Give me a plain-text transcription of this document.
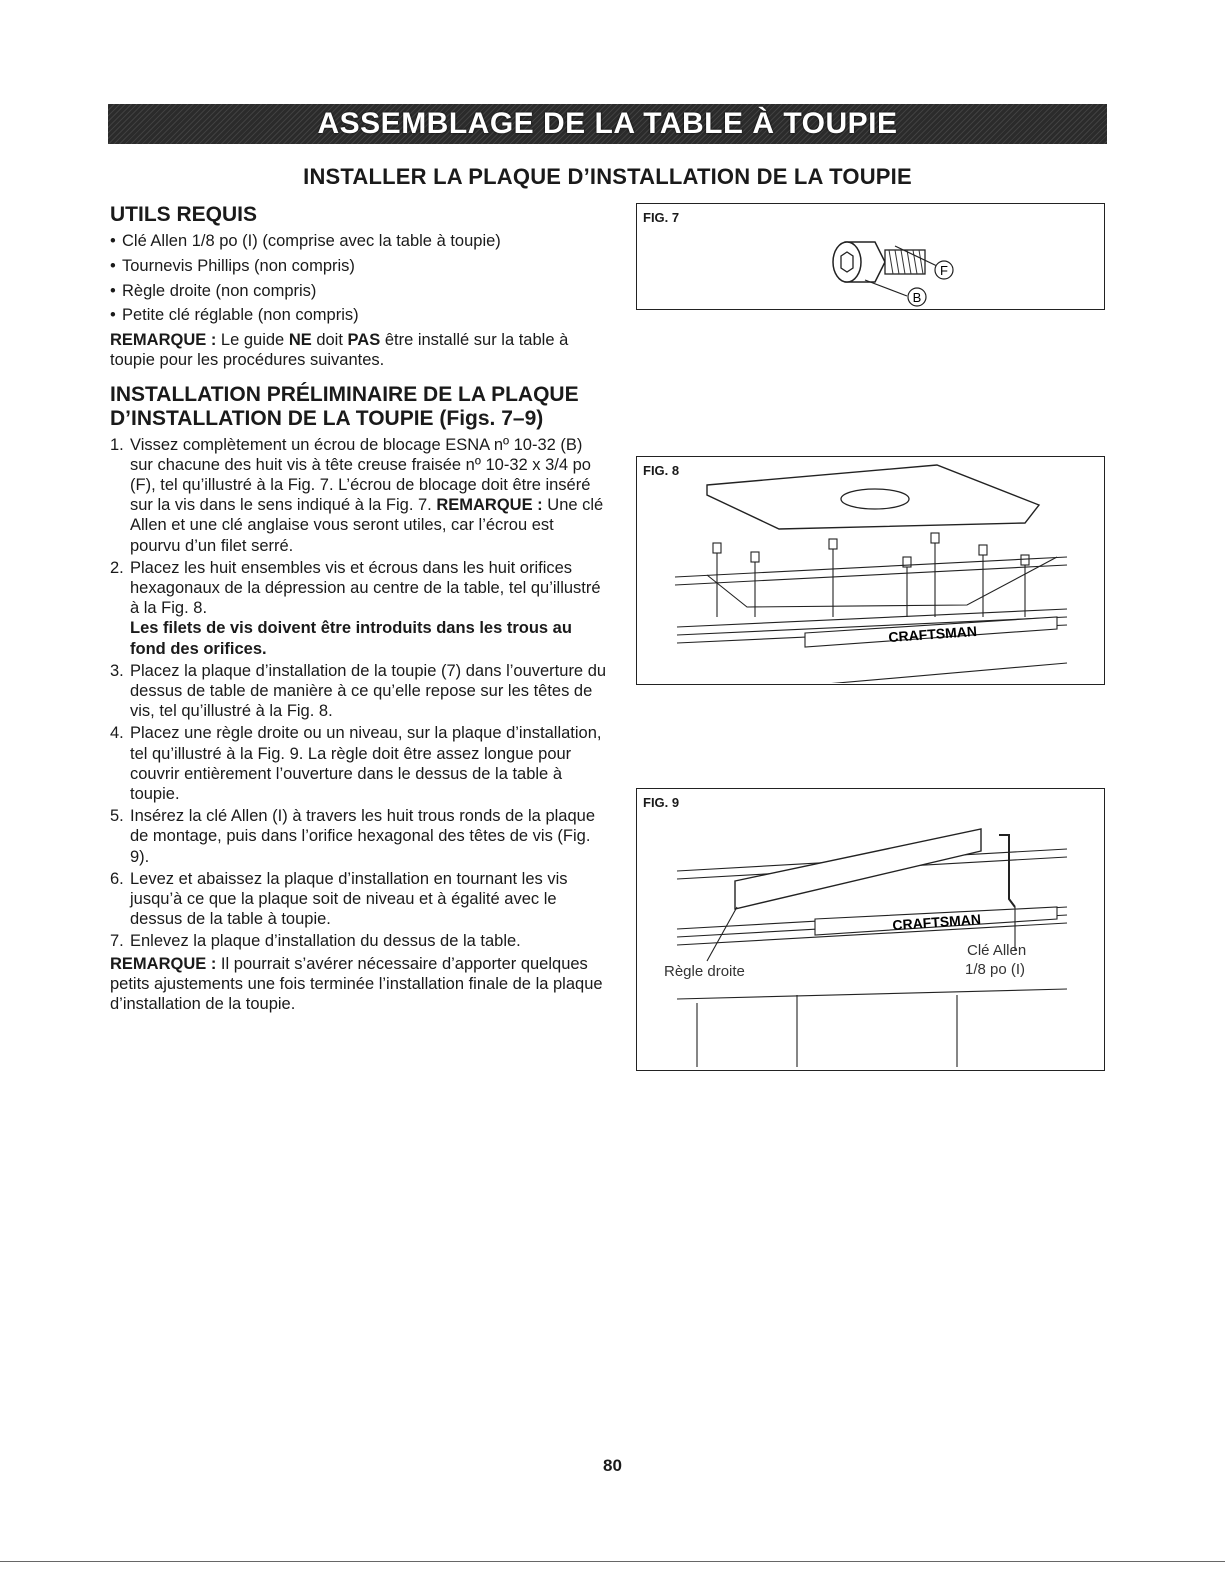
ASSEMBLAGE DE LA TABLE À TOUPIE
INSTALLER LA PLAQUE D’INSTALLATION DE LA TOUPIE
UTILS REQUIS
• Clé Allen 1/8 po (I) (comprise avec la table à toupie)
• Tournevis Phillips (non compris)
• Règle droite (non compris)
• Petite clé réglable (non compris)

REMARQUE : Le guide NE doit PAS être installé sur la table à toupie pour les procédures suivantes.

INSTALLATION PRÉLIMINAIRE DE LA PLAQUE D’INSTALLATION DE LA TOUPIE (Figs. 7–9)
1. Vissez complètement un écrou de blocage ESNA nº 10-32 (B) sur chacune des huit vis à tête creuse fraisée nº 10-32 x 3/4 po (F), tel qu’illustré à la Fig. 7. L’écrou de blocage doit être inséré sur la vis dans le sens indiqué à la Fig. 7. REMARQUE : Une clé Allen et une clé anglaise vous seront utiles, car l’écrou est pourvu d’un filet serré.
2. Placez les huit ensembles vis et écrous dans les huit orifices hexagonaux de la dépression au centre de la table, tel qu’illustré à la Fig. 8.
Les filets de vis doivent être introduits dans les trous au fond des orifices.
3. Placez la plaque d’installation de la toupie (7) dans l’ouverture du dessus de table de manière à ce qu’elle repose sur les têtes de vis, tel qu’illustré à la Fig. 8.
4. Placez une règle droite ou un niveau, sur la plaque d’installation, tel qu’illustré à la Fig. 9. La règle doit être assez longue pour couvrir entièrement l’ouverture dans le dessus de la table à toupie.
5. Insérez la clé Allen (I) à travers les huit trous ronds de la plaque de montage, puis dans l’orifice hexagonal des têtes de vis (Fig. 9).
6. Levez et abaissez la plaque d’installation en tournant les vis jusqu’à ce que la plaque soit de niveau et à égalité avec le dessus de la table à toupie.
7. Enlevez la plaque d’installation du dessus de la table.

REMARQUE : Il pourrait s’avérer nécessaire d’apporter quelques petits ajustements une fois terminée l’installation finale de la plaque d’installation de la toupie.

F
B
FIG. 7
CRAFTSMAN
FIG. 8
CRAFTSMAN
FIG. 9
Règle droite
Clé Allen
1/8 po (I)
80
